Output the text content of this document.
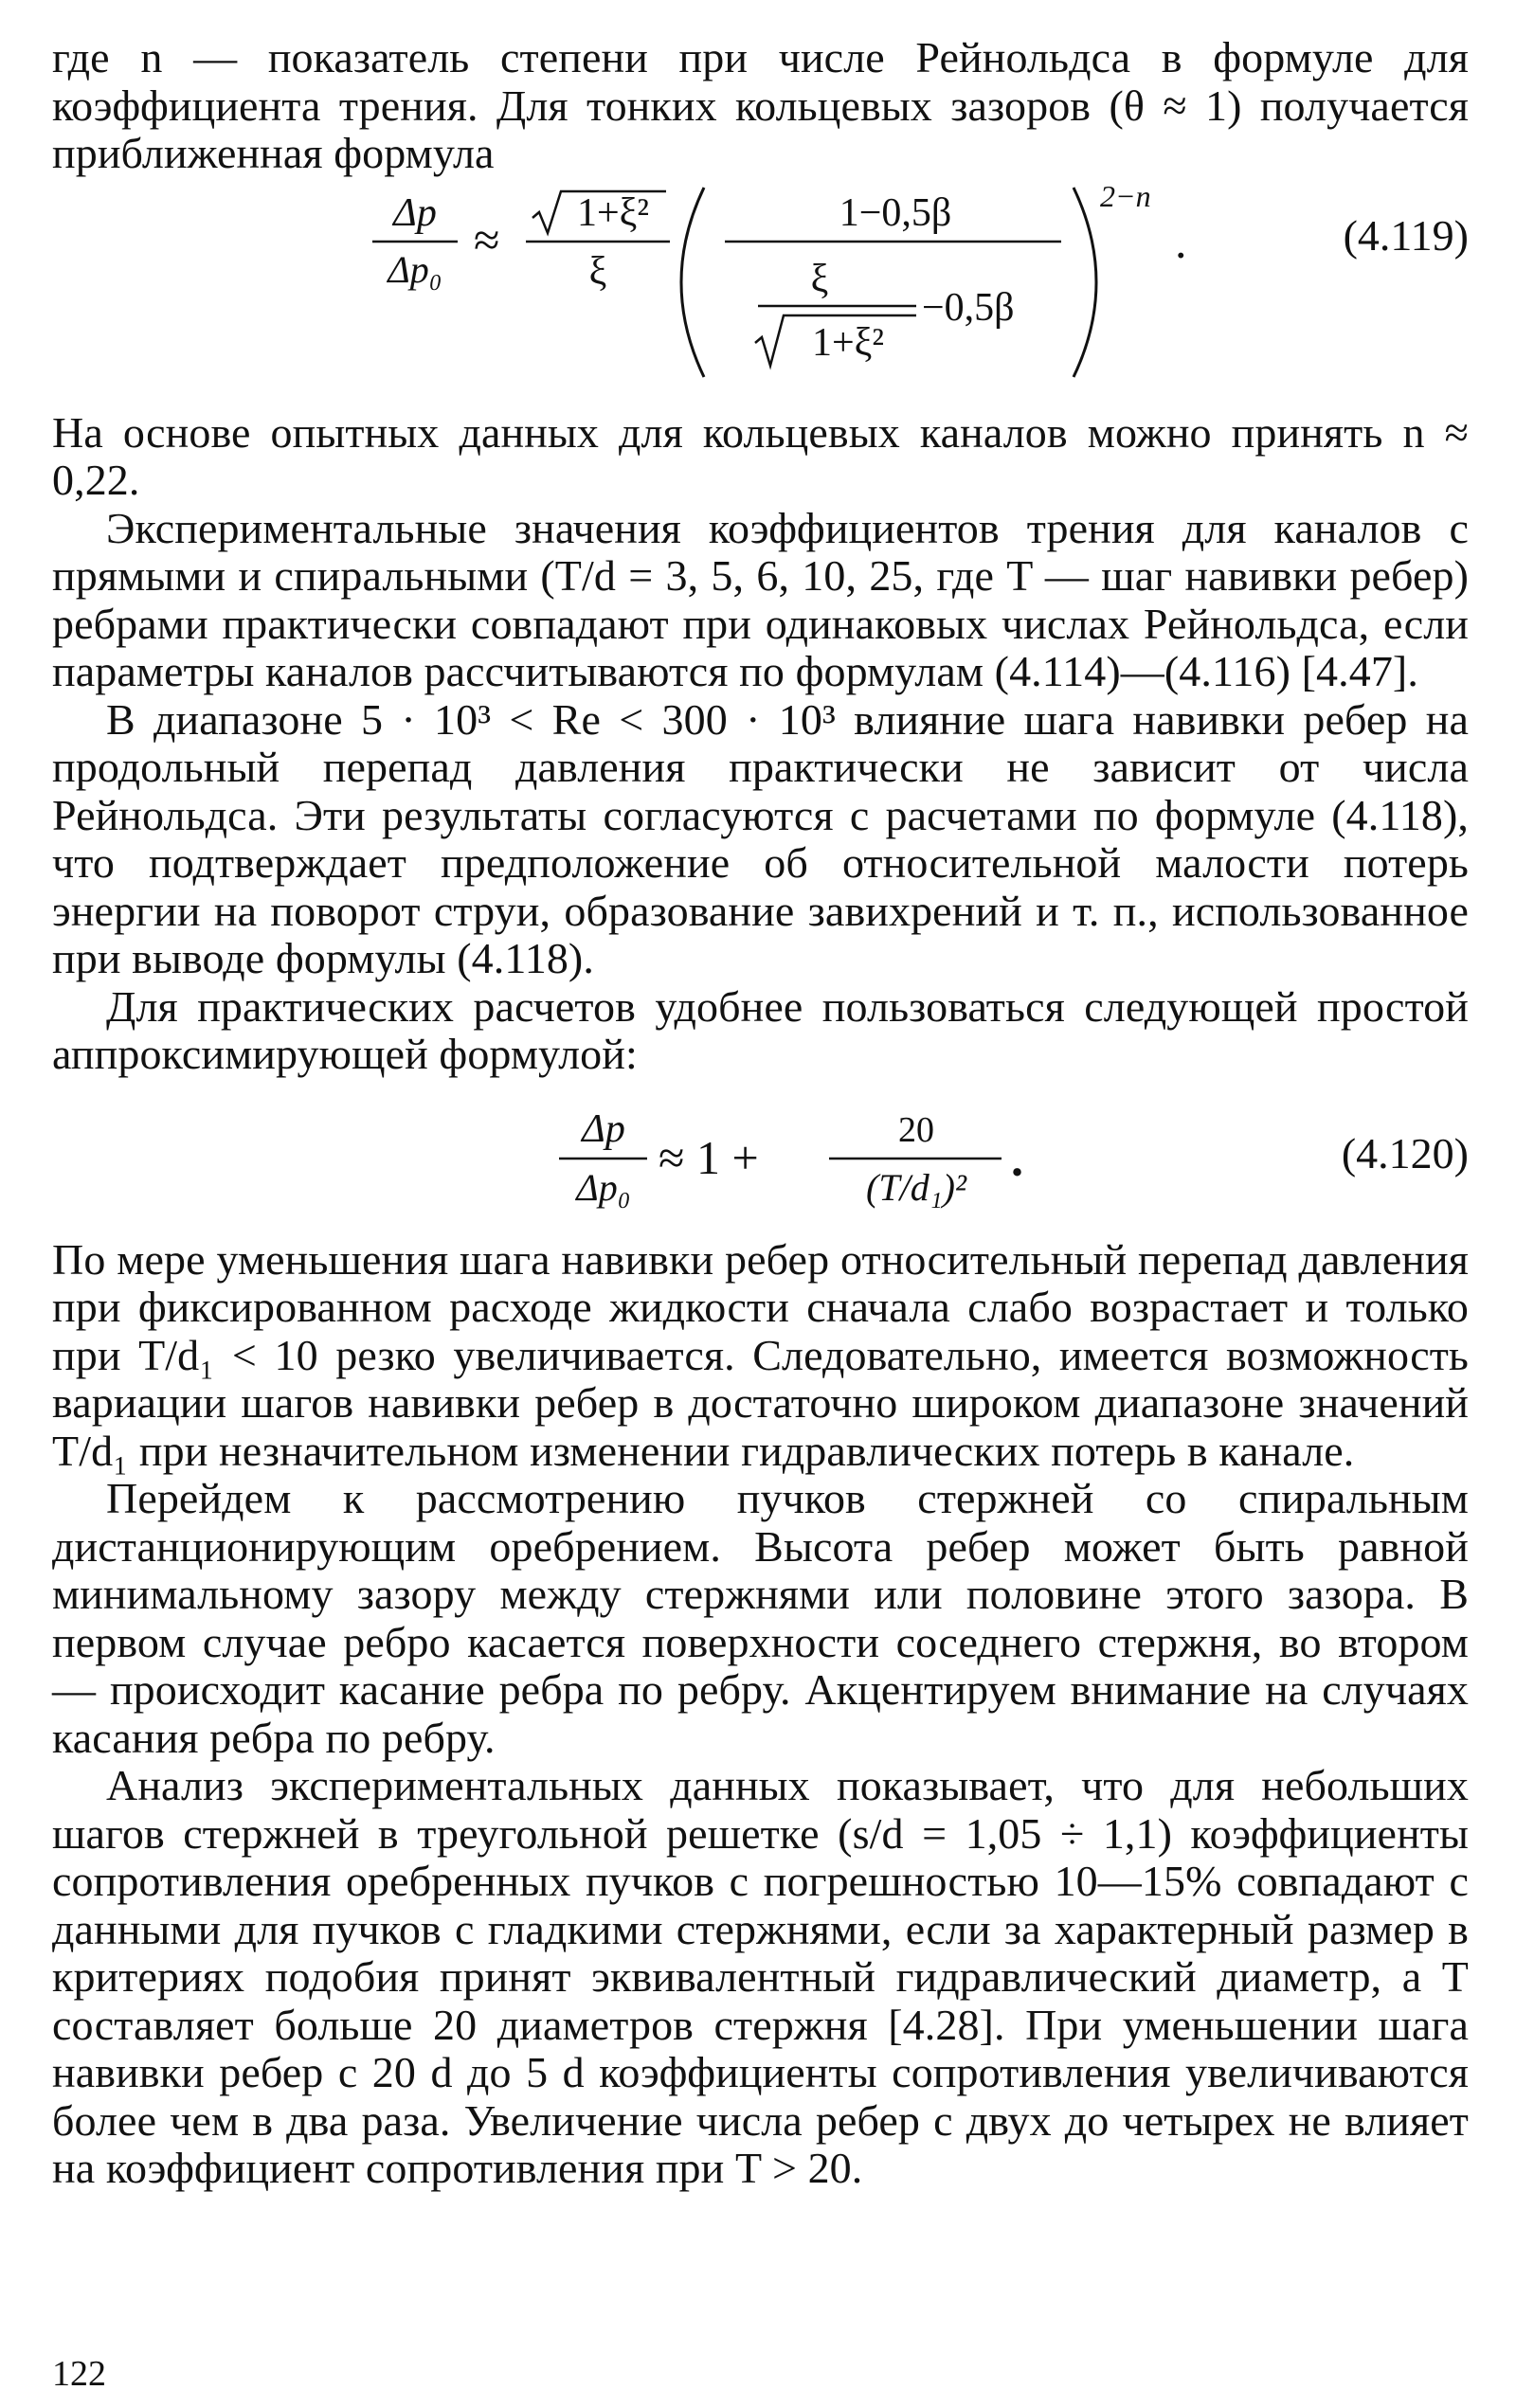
где n — показатель степени при числе Рейнольдса в формуле для коэффициента трения. Для тонких кольцевых зазоров (θ ≈ 1) получается приближенная формула

Δp
Δp₀
≈ 1+ξ²
ξ
1−0,5β
ξ
1+ξ²
−0,5β
2−n
.	(4.119)

На основе опытных данных для кольцевых каналов можно принять n ≈ 0,22.

Экспериментальные значения коэффициентов трения для каналов с прямыми и спиральными (T/d = 3, 5, 6, 10, 25, где T — шаг навивки ребер) ребрами практически совпадают при одинаковых числах Рейнольдса, если параметры каналов рассчитываются по формулам (4.114)—(4.116) [4.47].

В диапазоне 5 · 10³ < Re < 300 · 10³ влияние шага навивки ребер на продольный перепад давления практически не зависит от числа Рейнольдса. Эти результаты согласуются с расчетами по формуле (4.118), что подтверждает предположение об относительной малости потерь энергии на поворот струи, образование завихрений и т. п., использованное при выводе формулы (4.118).

Для практических расчетов удобнее пользоваться следующей простой аппроксимирующей формулой:

Δp
Δp₀
≈ 1 +
20
(T/d₁)²
.	(4.120)

По мере уменьшения шага навивки ребер относительный перепад давления при фиксированном расходе жидкости сначала слабо возрастает и только при T/d₁ < 10 резко увеличивается. Следовательно, имеется возможность вариации шагов навивки ребер в достаточно широком диапазоне значений T/d₁ при незначительном изменении гидравлических потерь в канале.

Перейдем к рассмотрению пучков стержней со спиральным дистанционирующим оребрением. Высота ребер может быть равной минимальному зазору между стержнями или половине этого зазора. В первом случае ребро касается поверхности соседнего стержня, во втором — происходит касание ребра по ребру. Акцентируем внимание на случаях касания ребра по ребру.

Анализ экспериментальных данных показывает, что для небольших шагов стержней в треугольной решетке (s/d = 1,05 ÷ 1,1) коэффициенты сопротивления оребренных пучков с погрешностью 10—15% совпадают с данными для пучков с гладкими стержнями, если за характерный размер в критериях подобия принят эквивалентный гидравлический диаметр, а T составляет больше 20 диаметров стержня [4.28]. При уменьшении шага навивки ребер с 20 d до 5 d коэффициенты сопротивления увеличиваются более чем в два раза. Увеличение числа ребер с двух до четырех не влияет на коэффициент сопротивления при T > 20.

122
